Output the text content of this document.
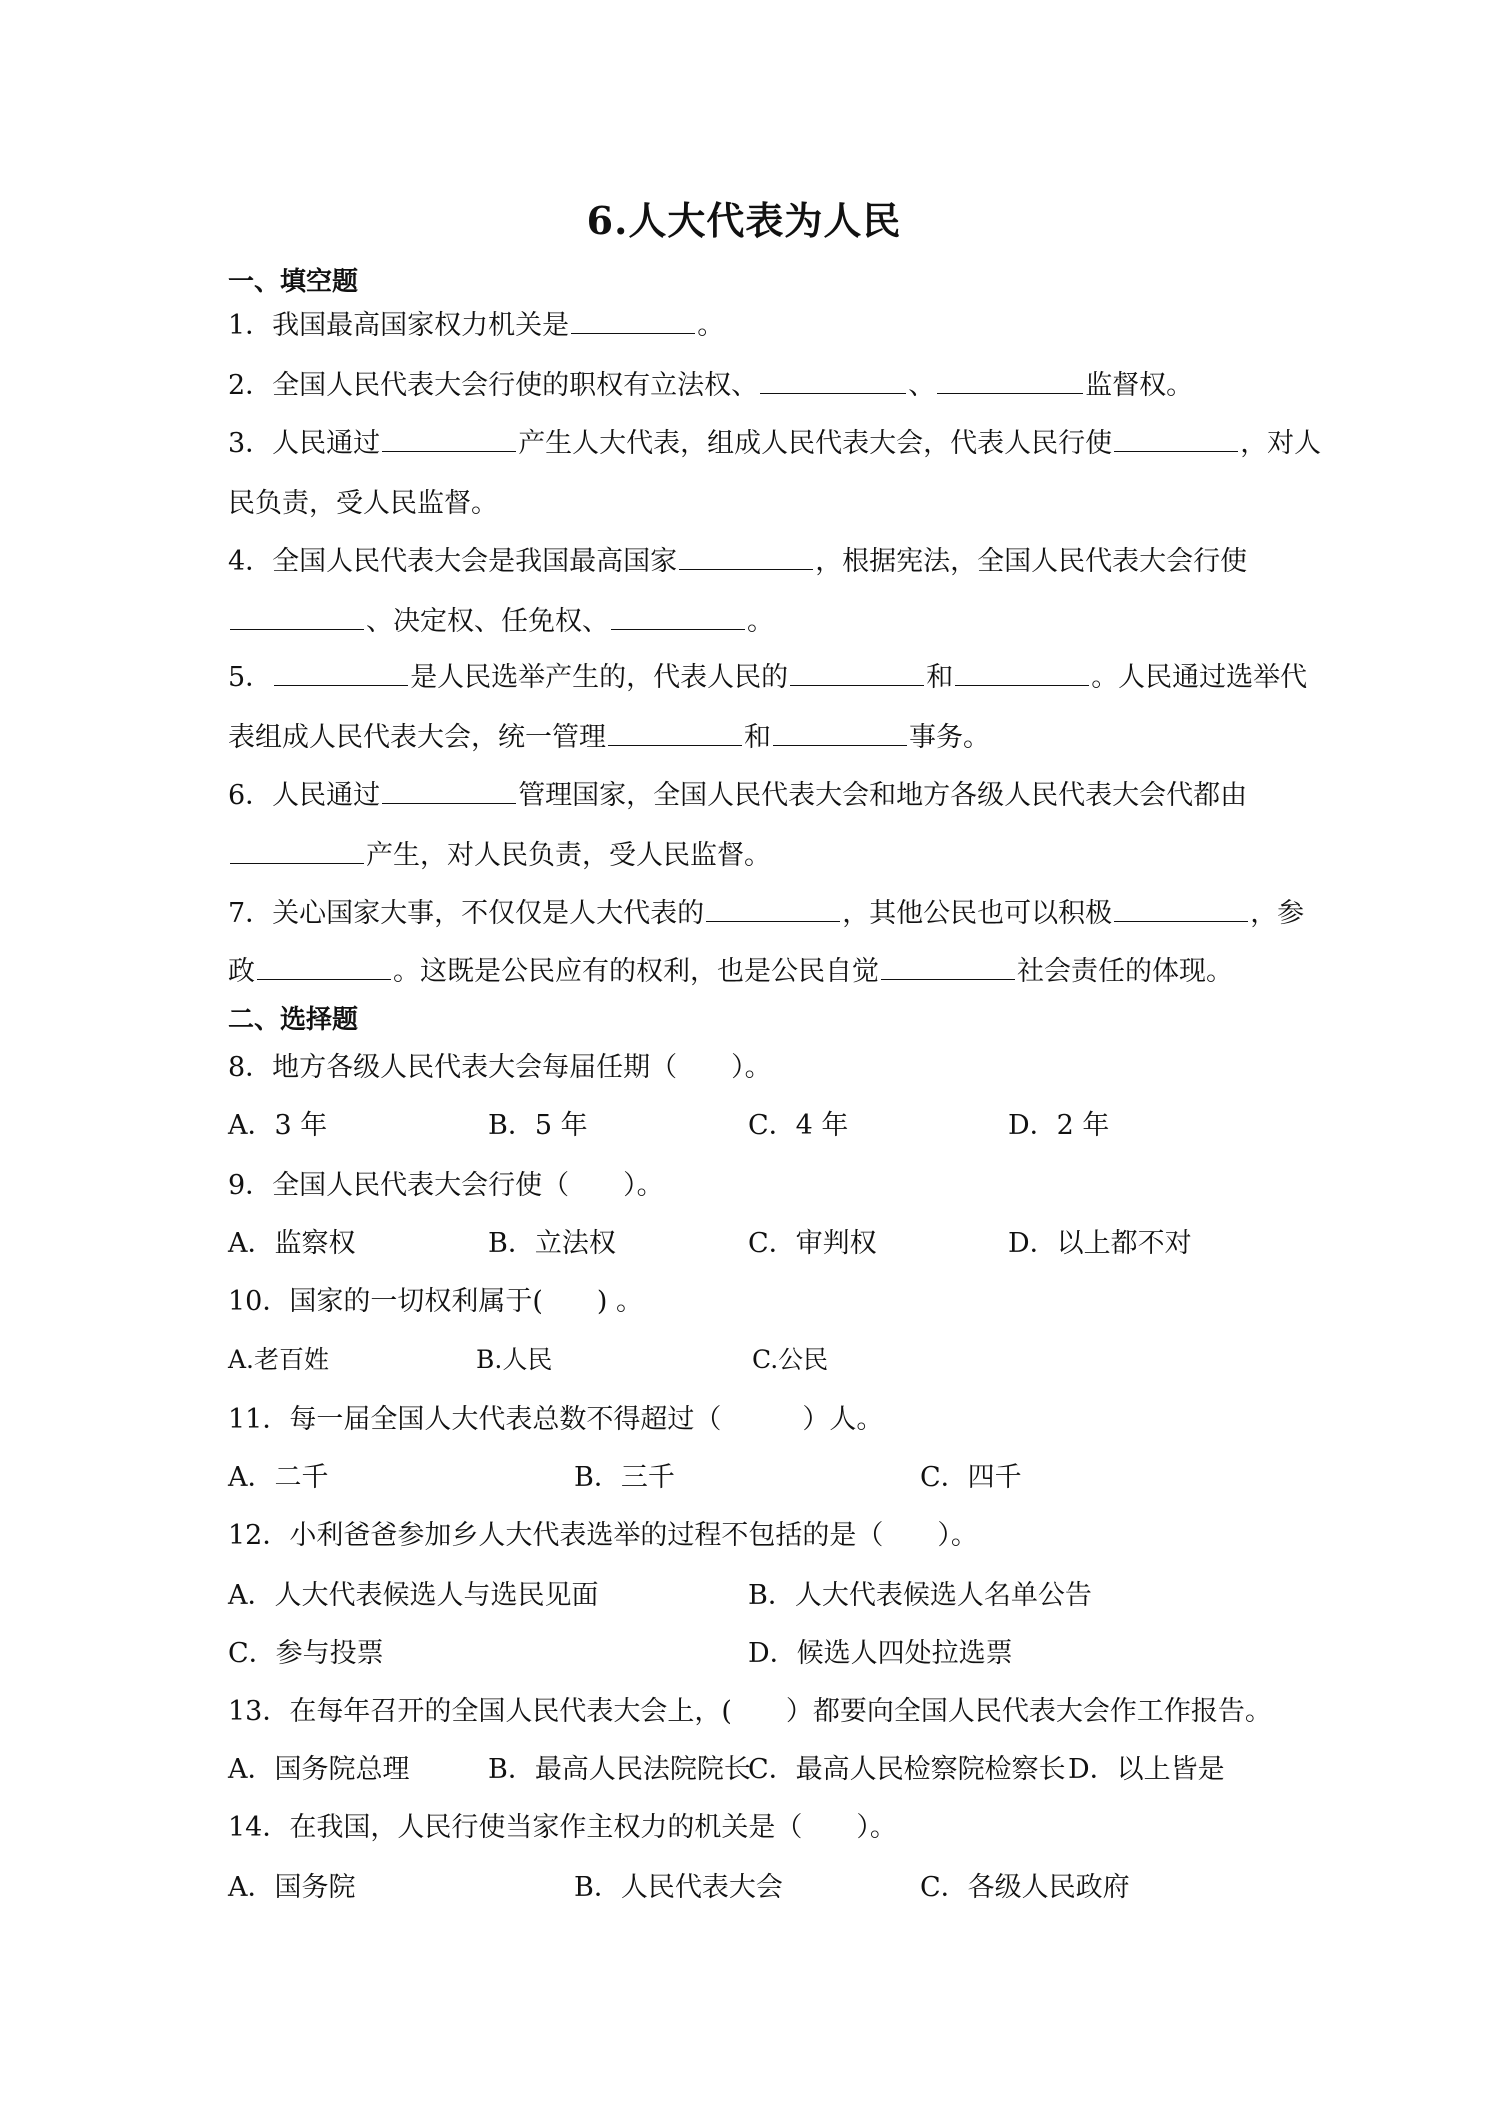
6.人大代表为人民
一、填空题
1．我国最高国家权力机关是	。
2．全国人民代表大会行使的职权有立法权、	、	监督权。
3．人民通过	产生人大代表，组成人民代表大会，代表人民行使	，对人
民负责，受人民监督。
4．全国人民代表大会是我国最高国家	，根据宪法，全国人民代表大会行使
、决定权、任免权、	。
5．	是人民选举产生的，代表人民的	和	。人民通过选举代
表组成人民代表大会，统一管理	和	事务。
6．人民通过	管理国家，全国人民代表大会和地方各级人民代表大会代都由
产生，对人民负责，受人民监督。
7．关心国家大事，不仅仅是人大代表的	，其他公民也可以积极	，参
政	。这既是公民应有的权利，也是公民自觉	社会责任的体现。
二、选择题
8．地方各级人民代表大会每届任期（　　）。
A．3 年	B．5 年	C．4 年	D．2 年
9．全国人民代表大会行使（　　）。
A．监察权	B．立法权	C．审判权	D．以上都不对
10．国家的一切权利属于(　　) 。
A.老百姓	B.人民	C.公民
11．每一届全国人大代表总数不得超过（　　　）人。
A．二千	B．三千	C．四千
12．小利爸爸参加乡人大代表选举的过程不包括的是（　　）。
A．人大代表候选人与选民见面	B．人大代表候选人名单公告
C．参与投票	D．候选人四处拉选票
13．在每年召开的全国人民代表大会上，(　　）都要向全国人民代表大会作工作报告。
A．国务院总理	B．最高人民法院院长
C．最高人民检察院检察长 D．以上皆是
14．在我国，人民行使当家作主权力的机关是（　　）。
A．国务院	B．人民代表大会	C．各级人民政府
